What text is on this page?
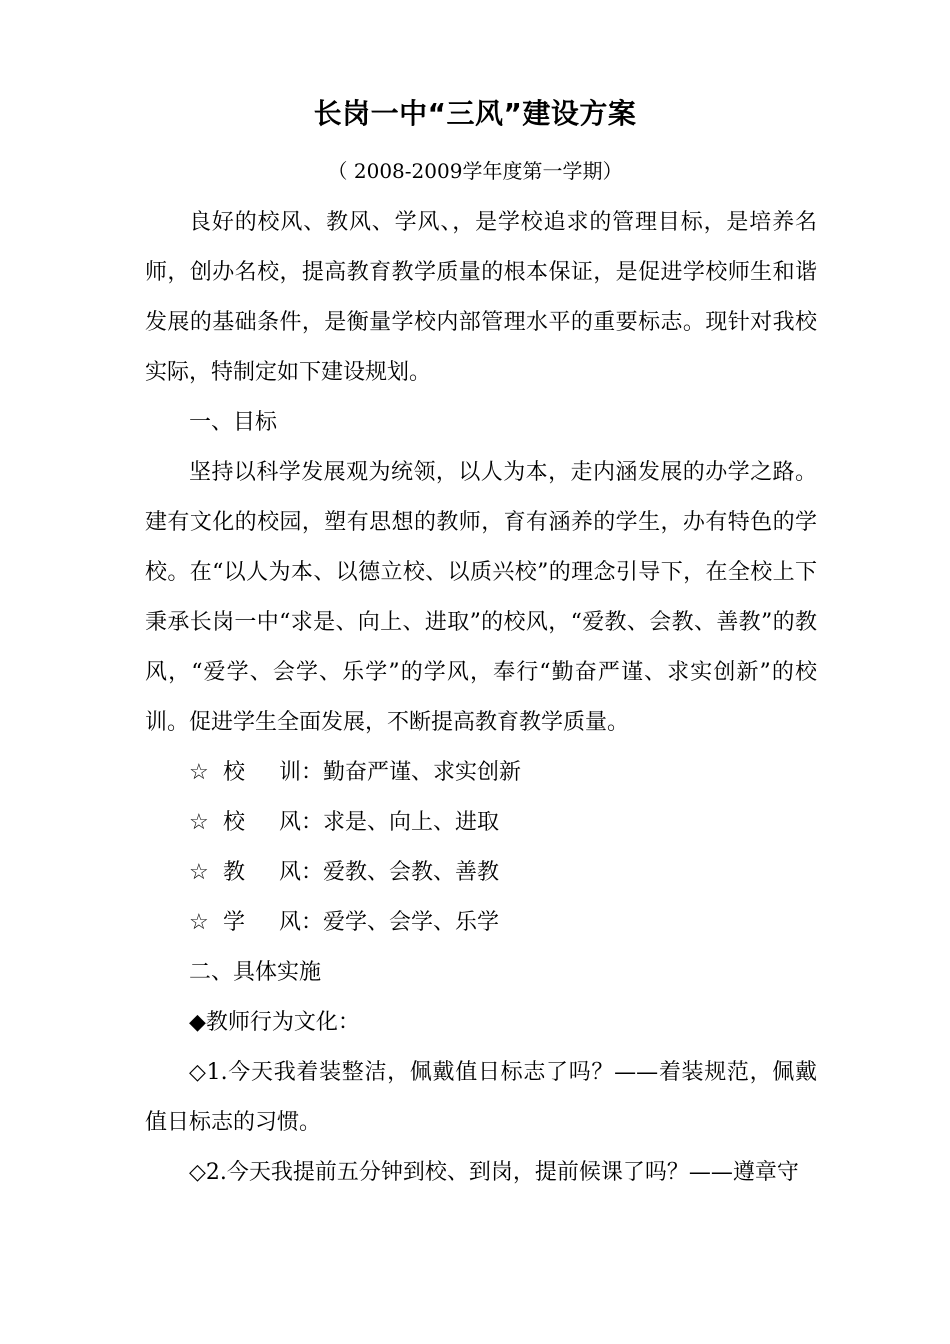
长岗一中“三风”建设方案
（ 2008-2009学年度第一学期）

良好的校风、教风、学风、，是学校追求的管理目标，是培养名师，创办名校，提高教育教学质量的根本保证，是促进学校师生和谐发展的基础条件，是衡量学校内部管理水平的重要标志。现针对我校实际，特制定如下建设规划。

一、目标

坚持以科学发展观为统领，以人为本，走内涵发展的办学之路。建有文化的校园，塑有思想的教师，育有涵养的学生，办有特色的学校。在“以人为本、以德立校、以质兴校”的理念引导下，在全校上下秉承长岗一中“求是、向上、进取”的校风，“爱教、会教、善教”的教风，“爱学、会学、乐学”的学风，奉行“勤奋严谨、求实创新”的校训。促进学生全面发展，不断提高教育教学质量。

☆ 校 训：勤奋严谨、求实创新

☆ 校 风：求是、向上、进取

☆ 教 风：爱教、会教、善教

☆ 学 风：爱学、会学、乐学

二、具体实施

◆教师行为文化：

◇1.今天我着装整洁，佩戴值日标志了吗？——着装规范，佩戴值日标志的习惯。

◇2.今天我提前五分钟到校、到岗，提前候课了吗？——遵章守
